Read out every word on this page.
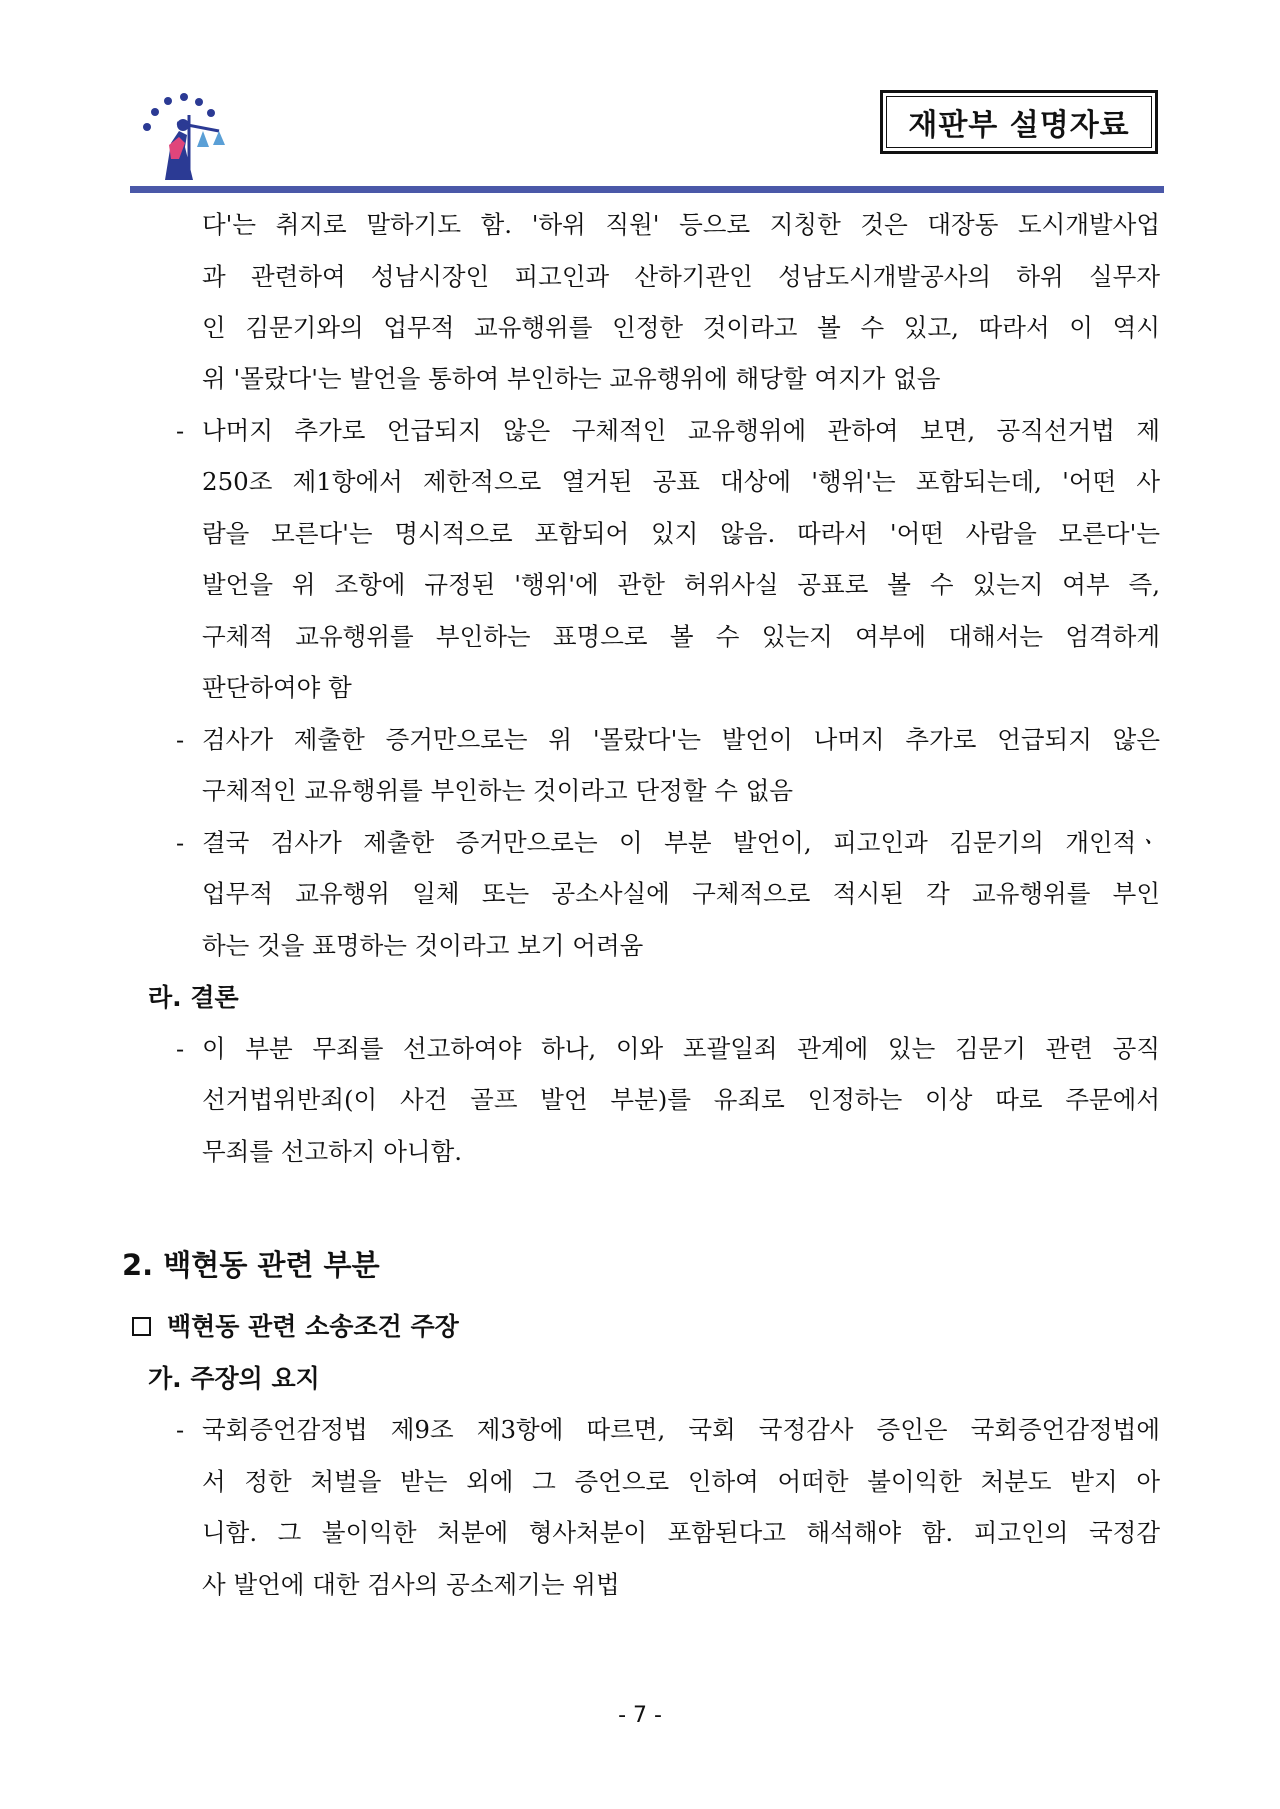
재판부 설명자료
다'는 취지로 말하기도 함. '하위 직원' 등으로 지칭한 것은 대장동 도시개발사업
과 관련하여 성남시장인 피고인과 산하기관인 성남도시개발공사의 하위 실무자
인 김문기와의 업무적 교유행위를 인정한 것이라고 볼 수 있고, 따라서 이 역시
위 '몰랐다'는 발언을 통하여 부인하는 교유행위에 해당할 여지가 없음
- 나머지 추가로 언급되지 않은 구체적인 교유행위에 관하여 보면, 공직선거법 제
250조 제1항에서 제한적으로 열거된 공표 대상에 '행위'는 포함되는데, '어떤 사
람을 모른다'는 명시적으로 포함되어 있지 않음. 따라서 '어떤 사람을 모른다'는
발언을 위 조항에 규정된 '행위'에 관한 허위사실 공표로 볼 수 있는지 여부 즉,
구체적 교유행위를 부인하는 표명으로 볼 수 있는지 여부에 대해서는 엄격하게
판단하여야 함
- 검사가 제출한 증거만으로는 위 '몰랐다'는 발언이 나머지 추가로 언급되지 않은
구체적인 교유행위를 부인하는 것이라고 단정할 수 없음
- 결국 검사가 제출한 증거만으로는 이 부분 발언이, 피고인과 김문기의 개인적ㆍ
업무적 교유행위 일체 또는 공소사실에 구체적으로 적시된 각 교유행위를 부인
하는 것을 표명하는 것이라고 보기 어려움
라. 결론
- 이 부분 무죄를 선고하여야 하나, 이와 포괄일죄 관계에 있는 김문기 관련 공직
선거법위반죄(이 사건 골프 발언 부분)를 유죄로 인정하는 이상 따로 주문에서
무죄를 선고하지 아니함.
2. 백현동 관련 부분
백현동 관련 소송조건 주장
가. 주장의 요지
- 국회증언감정법 제9조 제3항에 따르면, 국회 국정감사 증인은 국회증언감정법에
서 정한 처벌을 받는 외에 그 증언으로 인하여 어떠한 불이익한 처분도 받지 아
니함. 그 불이익한 처분에 형사처분이 포함된다고 해석해야 함. 피고인의 국정감
사 발언에 대한 검사의 공소제기는 위법
- 7 -
